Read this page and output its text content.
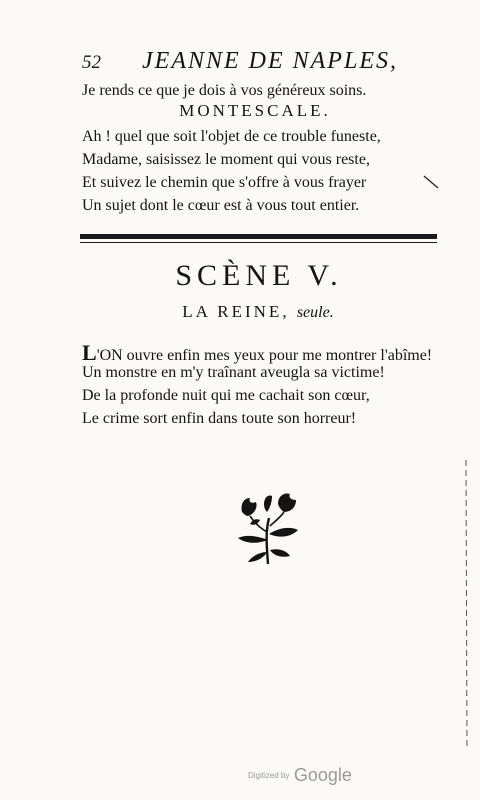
52 JEANNE DE NAPLES,
Je rends ce que je dois à vos généreux soins.
MONTESCALE.
Ah ! quel que soit l'objet de ce trouble funeste,
Madame, saisissez le moment qui vous reste,
Et suivez le chemin que s'offre à vous frayer
Un sujet dont le cœur est à vous tout entier.
SCÈNE V.
LA REINE, seule.
L'ON ouvre enfin mes yeux pour me montrer l'abîme!
Un monstre en m'y traînant aveugla sa victime!
De la profonde nuit qui me cachait son cœur,
Le crime sort enfin dans toute son horreur!
Digitized by Google
